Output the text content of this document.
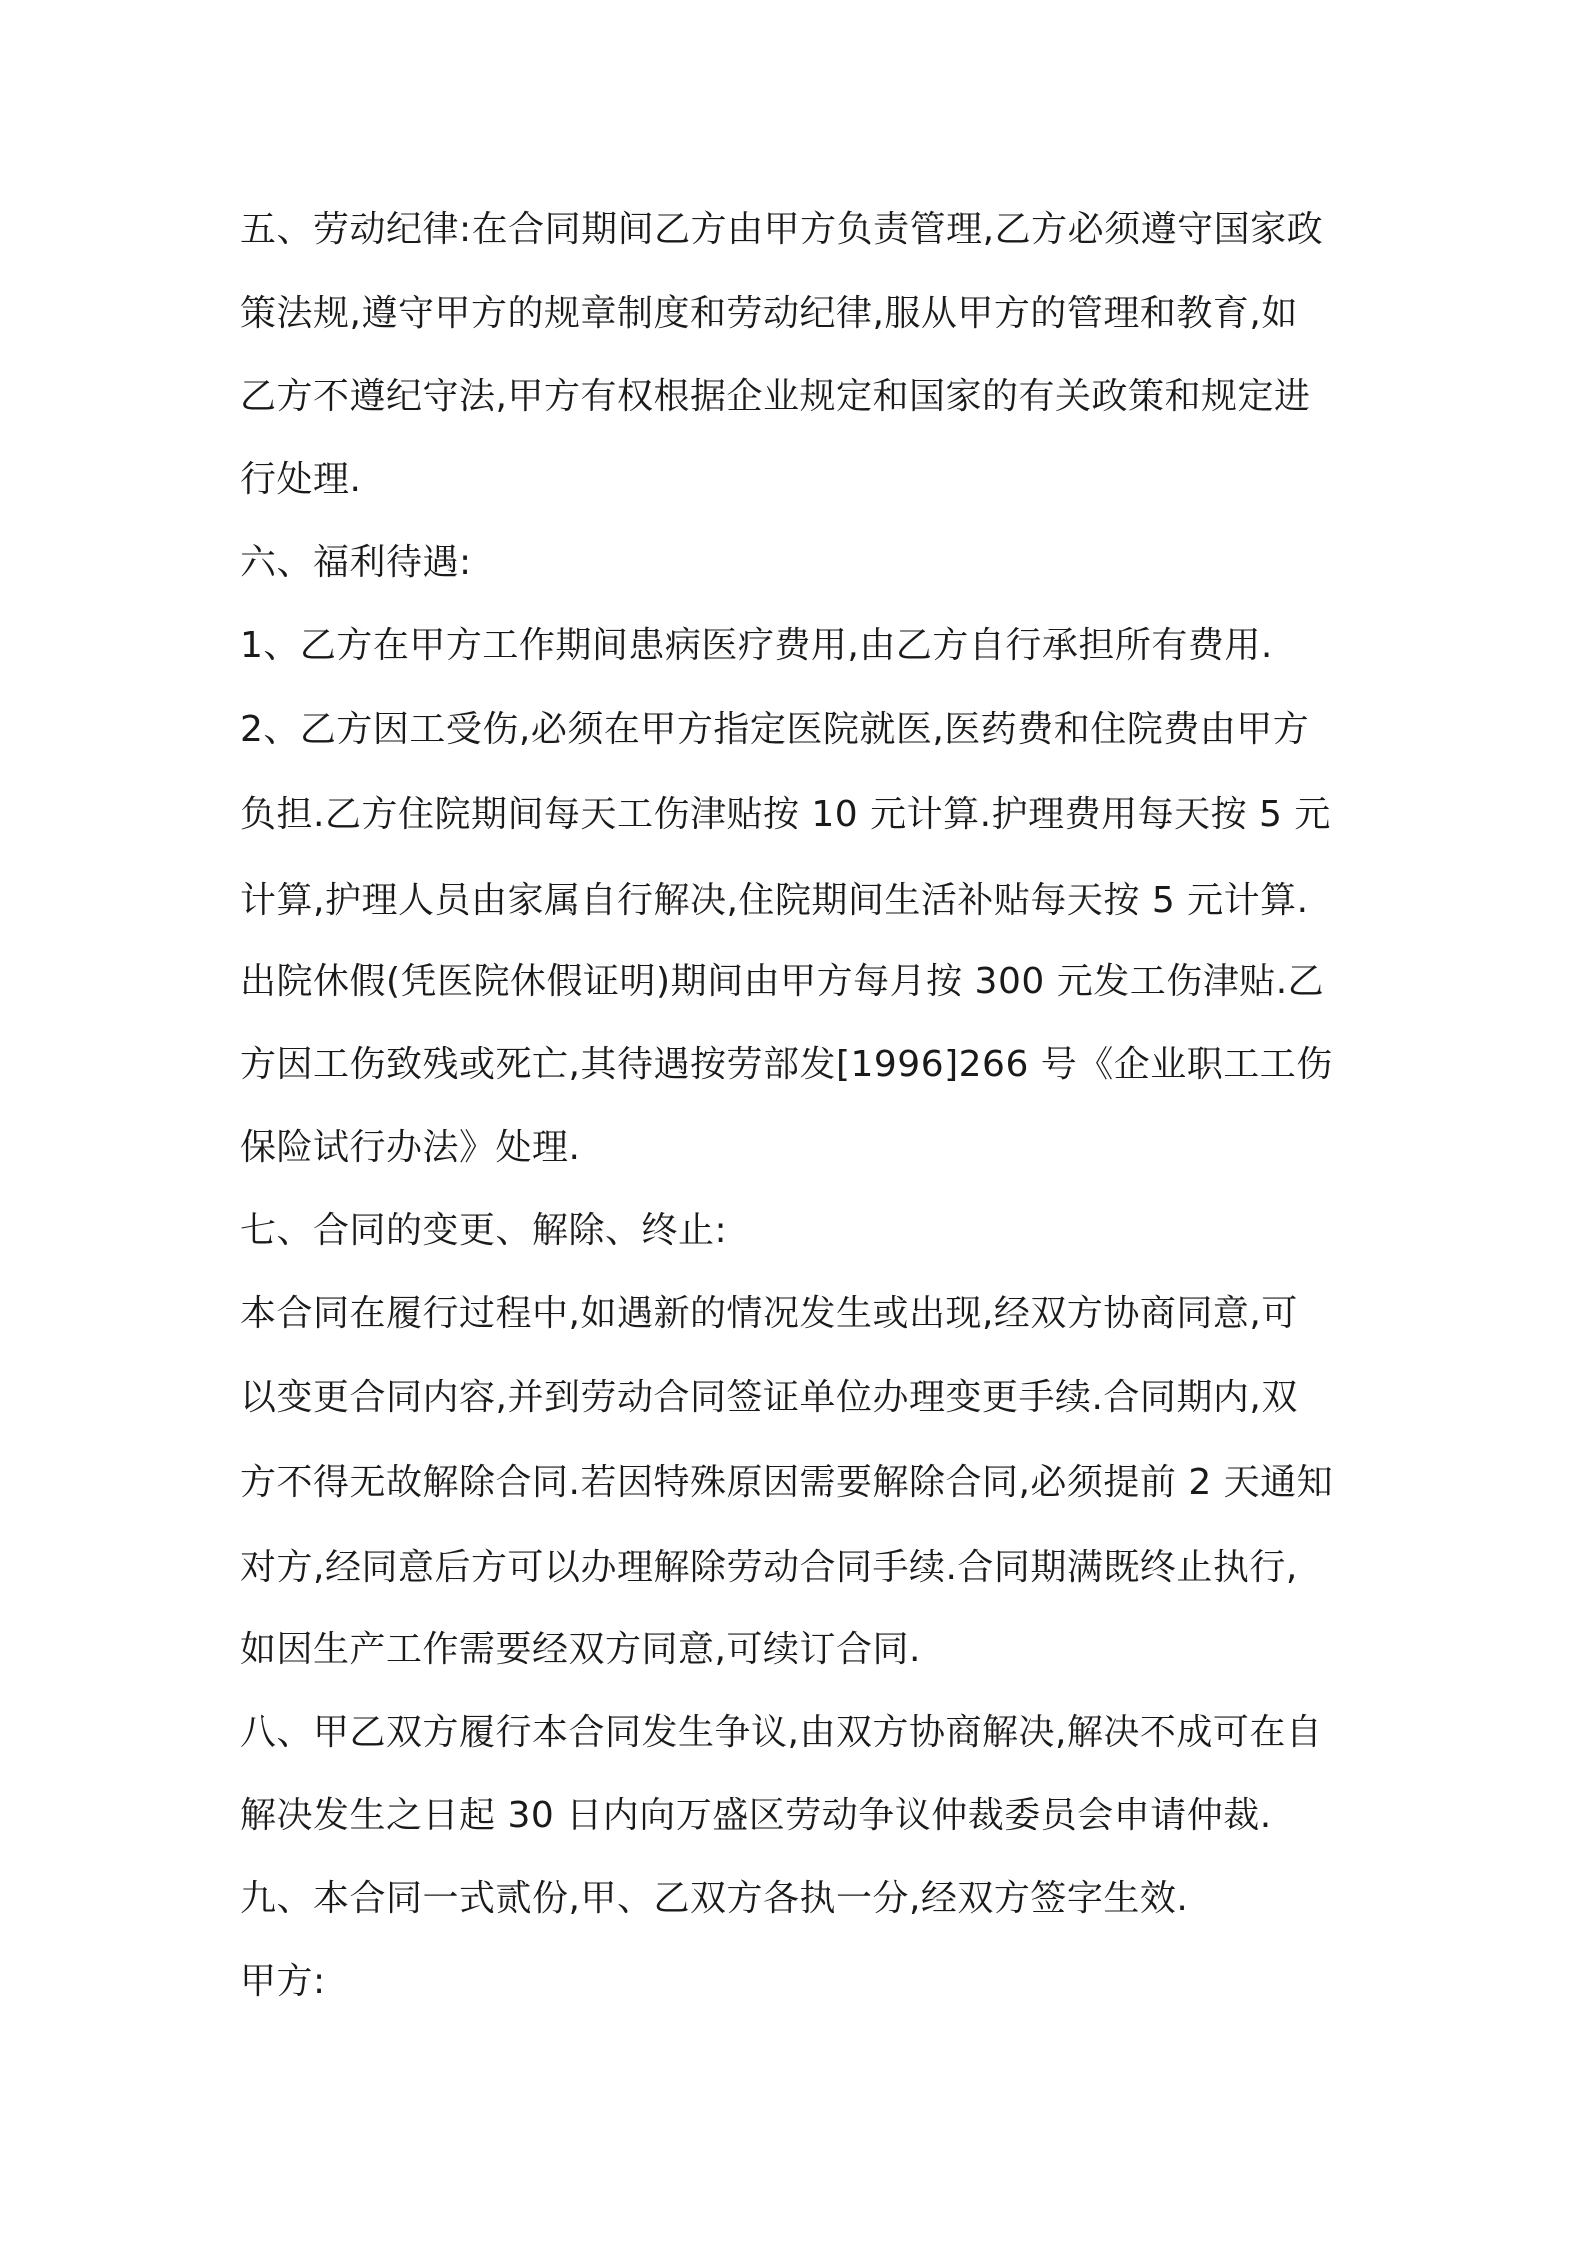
五、劳动纪律:在合同期间乙方由甲方负责管理,乙方必须遵守国家政

策法规,遵守甲方的规章制度和劳动纪律,服从甲方的管理和教育,如

乙方不遵纪守法,甲方有权根据企业规定和国家的有关政策和规定进

行处理.

六、福利待遇:

1、乙方在甲方工作期间患病医疗费用,由乙方自行承担所有费用.

2、乙方因工受伤,必须在甲方指定医院就医,医药费和住院费由甲方

负担.乙方住院期间每天工伤津贴按 10 元计算.护理费用每天按 5 元

计算,护理人员由家属自行解决,住院期间生活补贴每天按 5 元计算.

出院休假(凭医院休假证明)期间由甲方每月按 300 元发工伤津贴.乙

方因工伤致残或死亡,其待遇按劳部发[1996]266 号《企业职工工伤

保险试行办法》处理.

七、合同的变更、解除、终止:

本合同在履行过程中,如遇新的情况发生或出现,经双方协商同意,可

以变更合同内容,并到劳动合同签证单位办理变更手续.合同期内,双

方不得无故解除合同.若因特殊原因需要解除合同,必须提前 2 天通知

对方,经同意后方可以办理解除劳动合同手续.合同期满既终止执行,

如因生产工作需要经双方同意,可续订合同.

八、甲乙双方履行本合同发生争议,由双方协商解决,解决不成可在自

解决发生之日起 30 日内向万盛区劳动争议仲裁委员会申请仲裁.

九、本合同一式贰份,甲、乙双方各执一分,经双方签字生效.

甲方:
